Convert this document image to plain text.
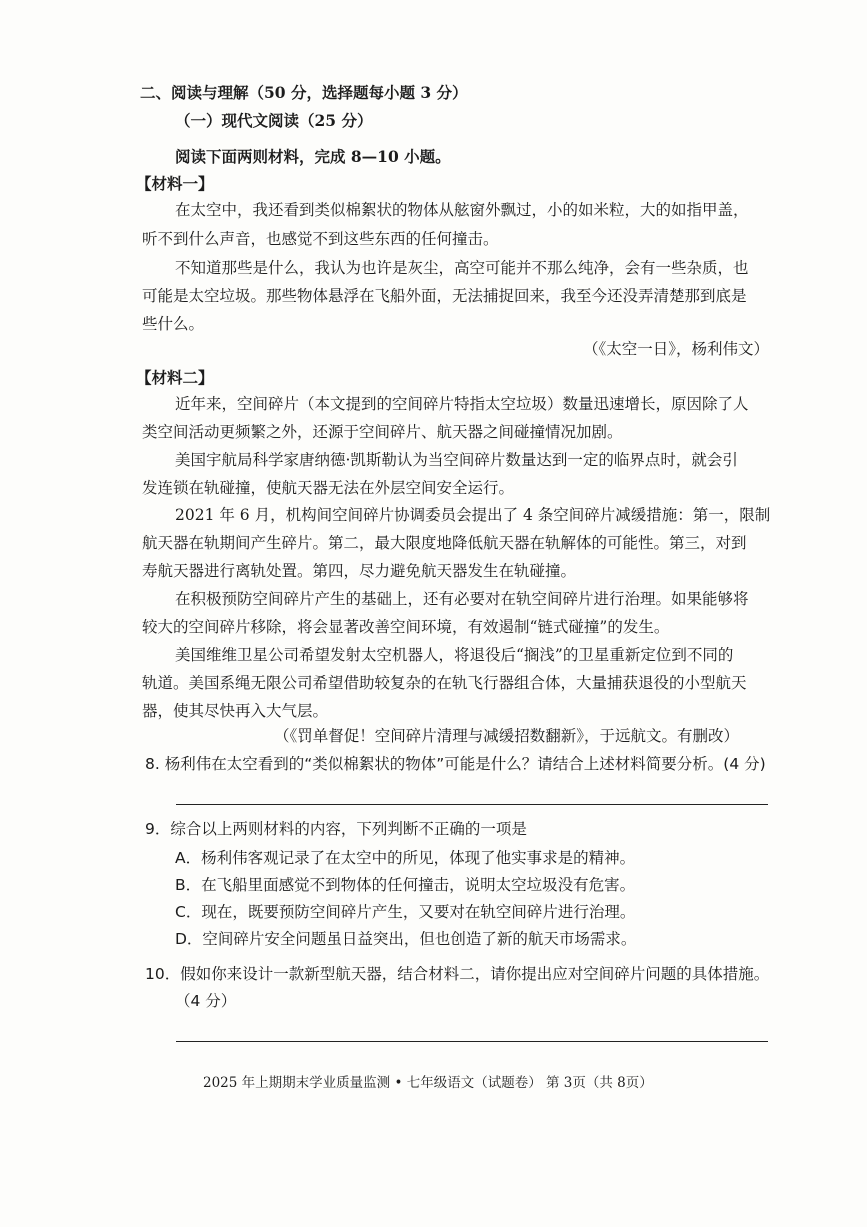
二、阅读与理解（50 分，选择题每小题 3 分）
（一）现代文阅读（25 分）
阅读下面两则材料，完成 8—10 小题。
【材料一】
在太空中，我还看到类似棉絮状的物体从舷窗外飘过，小的如米粒，大的如指甲盖，
听不到什么声音，也感觉不到这些东西的任何撞击。
不知道那些是什么，我认为也许是灰尘，高空可能并不那么纯净，会有一些杂质，也
可能是太空垃圾。那些物体悬浮在飞船外面，无法捕捉回来，我至今还没弄清楚那到底是
些什么。
（《太空一日》，杨利伟文）
【材料二】
近年来，空间碎片（本文提到的空间碎片特指太空垃圾）数量迅速增长，原因除了人
类空间活动更频繁之外，还源于空间碎片、航天器之间碰撞情况加剧。
美国宇航局科学家唐纳德·凯斯勒认为当空间碎片数量达到一定的临界点时，就会引
发连锁在轨碰撞，使航天器无法在外层空间安全运行。
2021 年 6 月，机构间空间碎片协调委员会提出了 4 条空间碎片减缓措施：第一，限制
航天器在轨期间产生碎片。第二，最大限度地降低航天器在轨解体的可能性。第三，对到
寿航天器进行离轨处置。第四，尽力避免航天器发生在轨碰撞。
在积极预防空间碎片产生的基础上，还有必要对在轨空间碎片进行治理。如果能够将
较大的空间碎片移除，将会显著改善空间环境，有效遏制“链式碰撞”的发生。
美国维维卫星公司希望发射太空机器人，将退役后“搁浅”的卫星重新定位到不同的
轨道。美国系绳无限公司希望借助较复杂的在轨飞行器组合体，大量捕获退役的小型航天
器，使其尽快再入大气层。
（《罚单督促！空间碎片清理与减缓招数翻新》，于远航文。有删改）
8. 杨利伟在太空看到的“类似棉絮状的物体”可能是什么？请结合上述材料简要分析。(4 分)
9．综合以上两则材料的内容，下列判断不正确的一项是
A．杨利伟客观记录了在太空中的所见，体现了他实事求是的精神。
B．在飞船里面感觉不到物体的任何撞击，说明太空垃圾没有危害。
C．现在，既要预防空间碎片产生，又要对在轨空间碎片进行治理。
D．空间碎片安全问题虽日益突出，但也创造了新的航天市场需求。
10．假如你来设计一款新型航天器，结合材料二，请你提出应对空间碎片问题的具体措施。
（4 分）
2025 年上期期末学业质量监测 • 七年级语文（试题卷） 第 3页（共 8页）
